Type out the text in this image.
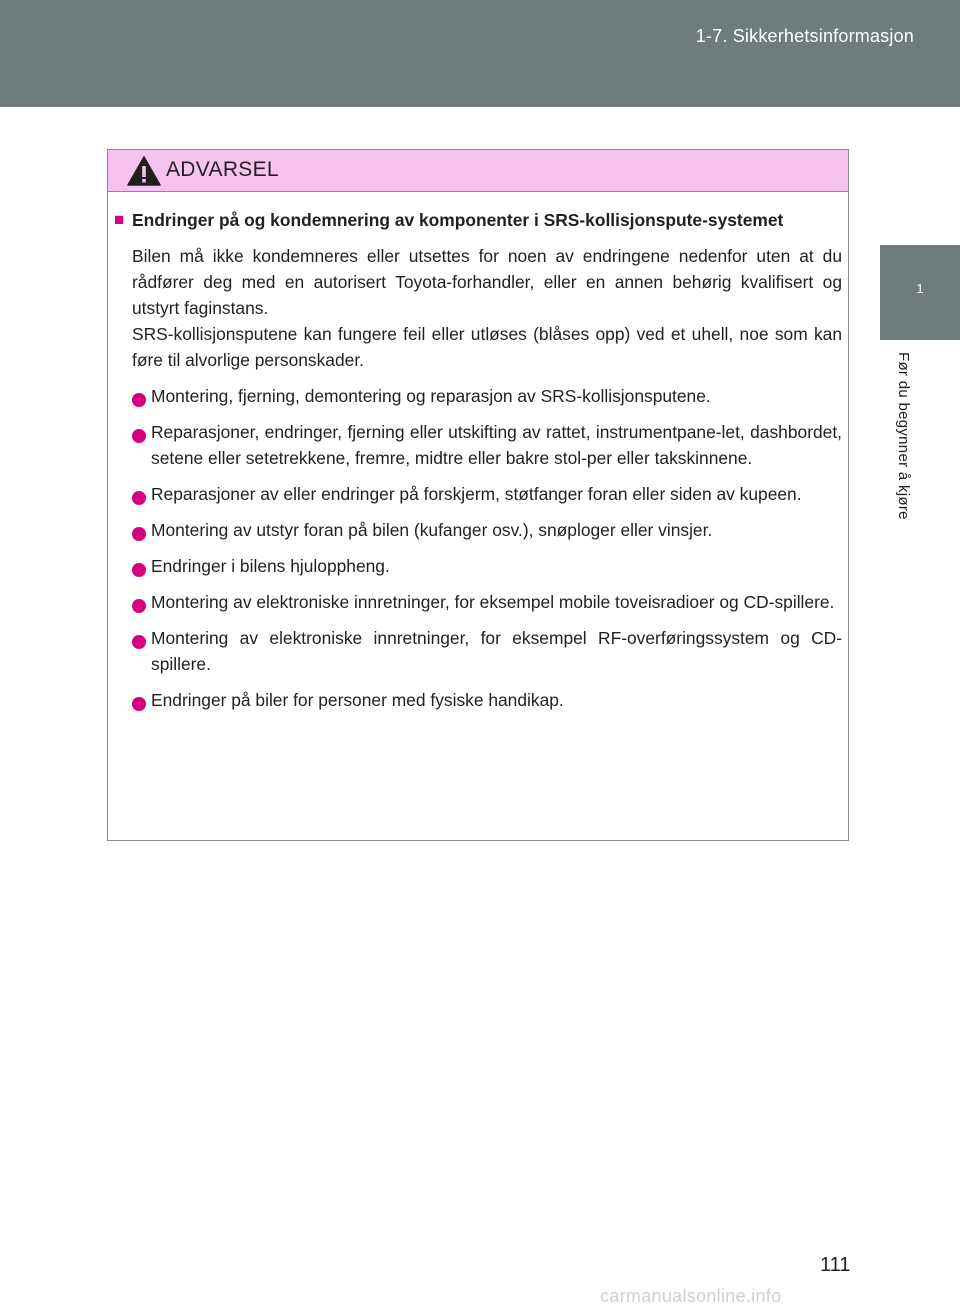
1-7. Sikkerhetsinformasjon
1
Før du begynner å kjøre
ADVARSEL
■ Endringer på og kondemnering av komponenter i SRS-kollisjonspute-systemet

Bilen må ikke kondemneres eller utsettes for noen av endringene nedenfor uten at du rådfører deg med en autorisert Toyota-forhandler, eller en annen behørig kvalifisert og utstyrt faginstans.

SRS-kollisjonsputene kan fungere feil eller utløses (blåses opp) ved et uhell, noe som kan føre til alvorlige personskader.

Montering, fjerning, demontering og reparasjon av SRS-kollisjonsputene.
Reparasjoner, endringer, fjerning eller utskifting av rattet, instrumentpane-let, dashbordet, setene eller setetrekkene, fremre, midtre eller bakre stol-per eller takskinnene.
Reparasjoner av eller endringer på forskjerm, støtfanger foran eller siden av kupeen.
Montering av utstyr foran på bilen (kufanger osv.), snøploger eller vinsjer.
Endringer i bilens hjuloppheng.
Montering av elektroniske innretninger, for eksempel mobile toveisradioer og CD-spillere.
Montering av elektroniske innretninger, for eksempel RF-overføringssystem og CD-spillere.
Endringer på biler for personer med fysiske handikap.
111
carmanualsonline.info
